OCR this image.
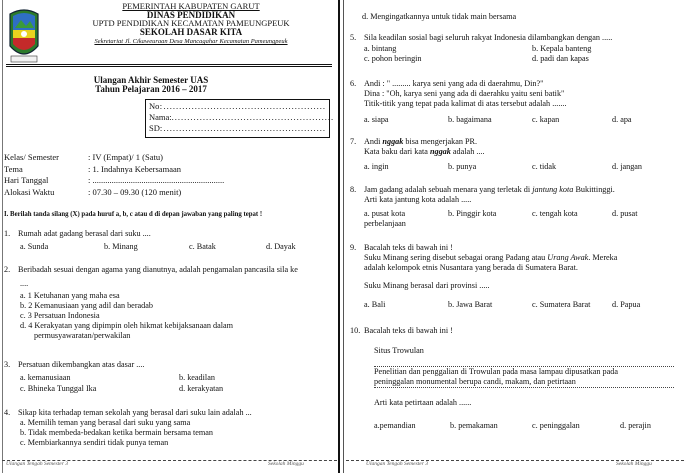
PEMERINTAH KABUPATEN GARUT
DINAS PENDIDIKAN
UPTD PENDIDIKAN KECAMATAN PAMEUNGPEUK
SEKOLAH DASAR KITA
Sekretariat Jl. Cikaweuraan Desa Mancagahar Kecamatan Pameungpeuk
Ulangan Akhir Semester UAS
Tahun Pelajaran 2016 – 2017
No : ....................................................
Nama : ....................................................
SD : ....................................................
Kelas/ Semester	: IV (Empat)/ 1 (Satu)
Tema	: 1. Indahnya Kebersamaan
Hari Tanggal	: ..............................................................
Alokasi Waktu	: 07.30 – 09.30 (120 menit)
I. Berilah tanda silang (X) pada huruf a, b, c atau d di depan jawaban yang paling tepat !
1. Rumah adat gadang berasal dari suku ....
a. Sunda	b. Minang	c. Batak	d. Dayak
2. Beribadah sesuai dengan agama yang dianutnya, adalah pengamalan pancasila sila ke
....
a. 1 Ketuhanan yang maha esa
b. 2 Kemanusiaan yang adil dan beradab
c. 3 Persatuan Indonesia
d. 4 Kerakyatan yang dipimpin oleh hikmat kebijaksanaan dalam
permusyawaratan/perwakilan
3. Persatuan dikembangkan atas dasar ....
a. kemanusiaan	b. keadilan
c. Bhineka Tunggal Ika	d. kerakyatan
4. Sikap kita terhadap teman sekolah yang berasal dari suku lain adalah ...
a. Memilih teman yang berasal dari suku yang sama
b. Tidak membeda-bedakan ketika bermain bersama teman
c. Membiarkannya sendiri tidak punya teman
Ulangan Tengah Semester 3	Sekolah Minggu
d. Mengingatkannya untuk tidak main bersama
5. Sila keadilan sosial bagi seluruh rakyat Indonesia dilambangkan dengan .....
a. bintang	b. Kepala banteng
c. pohon beringin	d. padi dan kapas
6. Andi : " ......... karya seni yang ada di daerahmu, Din?"
Dina : "Oh, karya seni yang ada di daerahku yaitu seni batik"
Titik-titik yang tepat pada kalimat di atas tersebut adalah .......
a. siapa	b. bagaimana	c. kapan	d. apa
7. Andi nggak bisa mengerjakan PR.
Kata baku dari kata nggak adalah ....
a. ingin	b. punya	c. tidak	d. jangan
8. Jam gadang adalah sebuah menara yang terletak di jantung kota Bukittinggi.
Arti kata jantung kota adalah .....
a. pusat kota	b. Pinggir kota	c. tengah kota	d. pusat
perbelanjaan
9. Bacalah teks di bawah ini !
Suku Minang sering disebut sebagai orang Padang atau Urang Awak. Mereka
adalah kelompok etnis Nusantara yang berada di Sumatera Barat.
Suku Minang berasal dari provinsi .....
a. Bali	b. Jawa Barat	c. Sumatera Barat	d. Papua
10. Bacalah teks di bawah ini !
Situs Trowulan
Penelitian dan penggalian di Trowulan pada masa lampau dipusatkan pada
peninggalan monumental berupa candi, makam, dan petirtaan
Arti kata petirtaan adalah ......
a.pemandian	b. pemakaman	c. peninggalan	d. perajin
Ulangan Tengah Semester 3	Sekolah Minggu
